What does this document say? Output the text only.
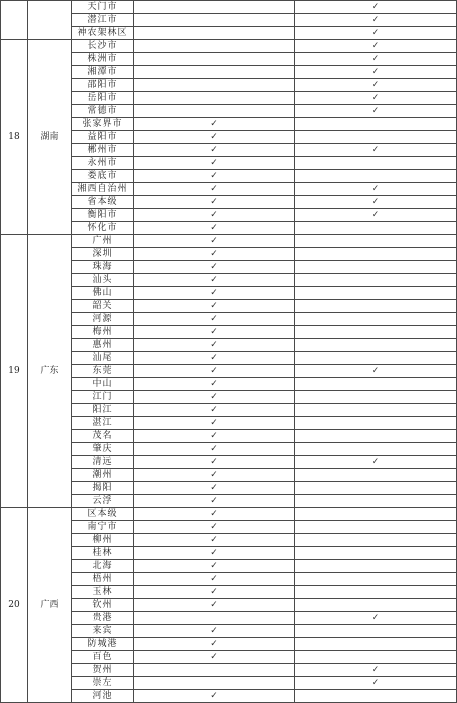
		天门市		✓
		潜江市		✓
		神农架林区		✓
18	湖南	长沙市		✓
		株洲市		✓
		湘潭市		✓
		邵阳市		✓
		岳阳市		✓
		常德市		✓
		张家界市	✓	
		益阳市	✓	
		郴州市	✓	✓
		永州市	✓	
		娄底市	✓	
		湘西自治州	✓	✓
		省本级	✓	✓
		衡阳市	✓	✓
		怀化市	✓	
19	广东	广州	✓	
		深圳	✓	
		珠海	✓	
		汕头	✓	
		佛山	✓	
		韶关	✓	
		河源	✓	
		梅州	✓	
		惠州	✓	
		汕尾	✓	
		东莞	✓	✓
		中山	✓	
		江门	✓	
		阳江	✓	
		湛江	✓	
		茂名	✓	
		肇庆	✓	
		清远	✓	✓
		潮州	✓	
		揭阳	✓	
		云浮	✓	
20	广西	区本级	✓	
		南宁市	✓	
		柳州	✓	
		桂林	✓	
		北海	✓	
		梧州	✓	
		玉林	✓	
		钦州	✓	
		贵港		✓
		来宾	✓	
		防城港	✓	
		百色	✓	
		贺州		✓
		崇左		✓
		河池	✓	
